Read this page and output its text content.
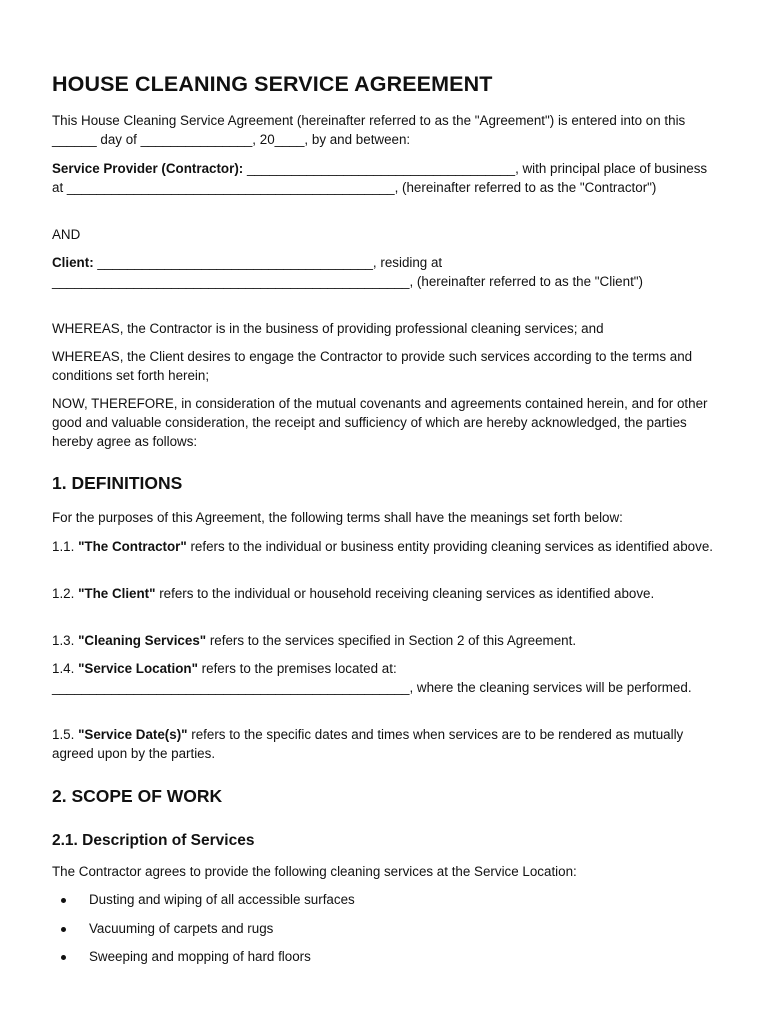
HOUSE CLEANING SERVICE AGREEMENT

This House Cleaning Service Agreement (hereinafter referred to as the "Agreement") is entered into on this ______ day of _______________, 20____, by and between:

Service Provider (Contractor): ____________________________________, with principal place of business at ____________________________________________, (hereinafter referred to as the "Contractor")

AND

Client: _____________________________________, residing at ________________________________________________, (hereinafter referred to as the "Client")

WHEREAS, the Contractor is in the business of providing professional cleaning services; and

WHEREAS, the Client desires to engage the Contractor to provide such services according to the terms and conditions set forth herein;

NOW, THEREFORE, in consideration of the mutual covenants and agreements contained herein, and for other good and valuable consideration, the receipt and sufficiency of which are hereby acknowledged, the parties hereby agree as follows:

1. DEFINITIONS

For the purposes of this Agreement, the following terms shall have the meanings set forth below:

1.1. "The Contractor" refers to the individual or business entity providing cleaning services as identified above.

1.2. "The Client" refers to the individual or household receiving cleaning services as identified above.

1.3. "Cleaning Services" refers to the services specified in Section 2 of this Agreement.

1.4. "Service Location" refers to the premises located at: ________________________________________________, where the cleaning services will be performed.

1.5. "Service Date(s)" refers to the specific dates and times when services are to be rendered as mutually agreed upon by the parties.

2. SCOPE OF WORK
2.1. Description of Services

The Contractor agrees to provide the following cleaning services at the Service Location:

Dusting and wiping of all accessible surfaces
Vacuuming of carpets and rugs
Sweeping and mopping of hard floors
